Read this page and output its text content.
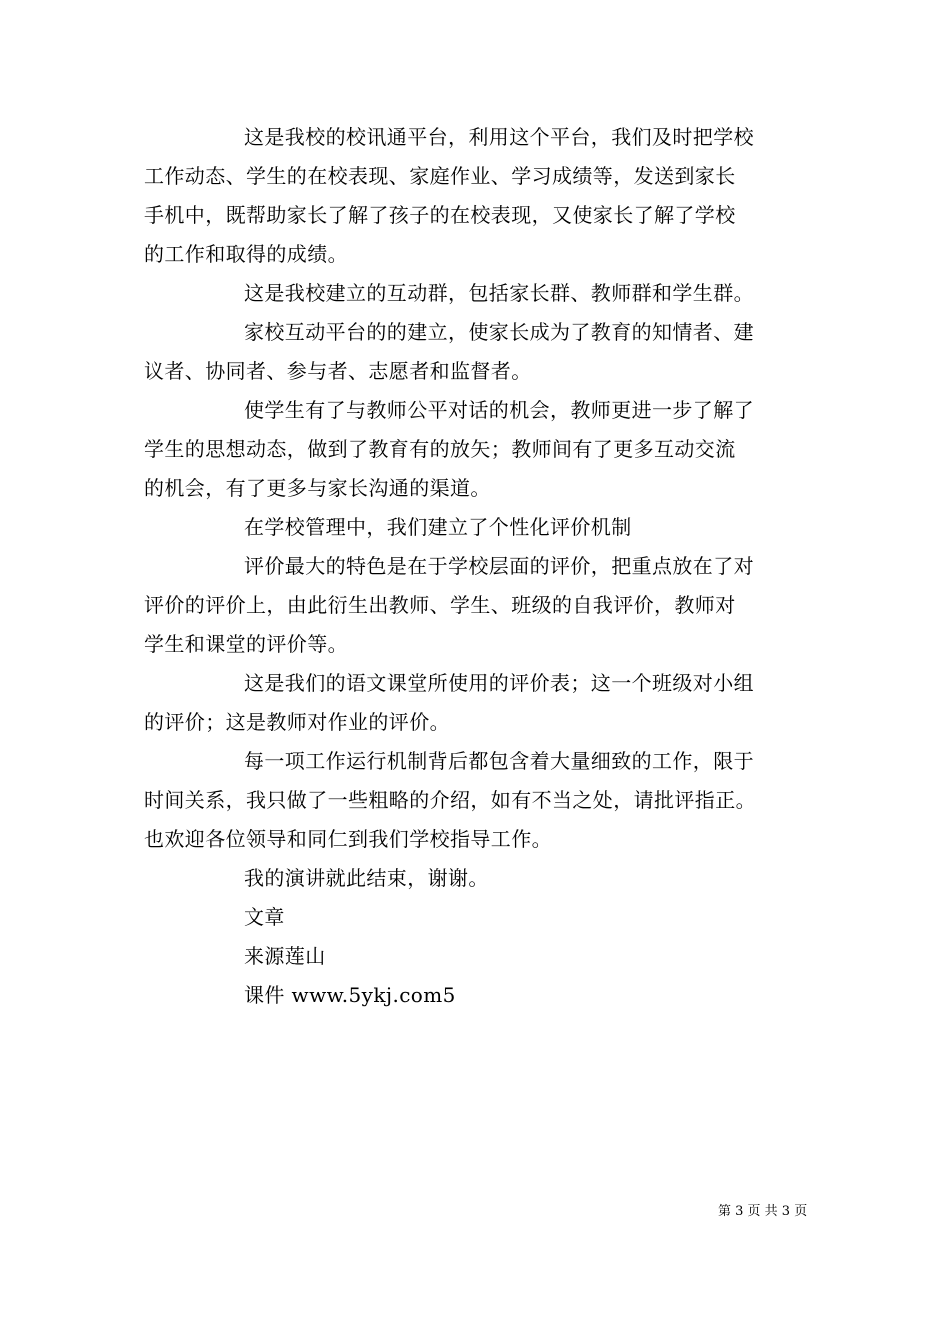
这是我校的校讯通平台，利用这个平台，我们及时把学校
工作动态、学生的在校表现、家庭作业、学习成绩等，发送到家长
手机中，既帮助家长了解了孩子的在校表现，又使家长了解了学校
的工作和取得的成绩。
这是我校建立的互动群，包括家长群、教师群和学生群。
家校互动平台的的建立，使家长成为了教育的知情者、建
议者、协同者、参与者、志愿者和监督者。
使学生有了与教师公平对话的机会，教师更进一步了解了
学生的思想动态，做到了教育有的放矢；教师间有了更多互动交流
的机会，有了更多与家长沟通的渠道。
在学校管理中，我们建立了个性化评价机制
评价最大的特色是在于学校层面的评价，把重点放在了对
评价的评价上，由此衍生出教师、学生、班级的自我评价，教师对
学生和课堂的评价等。
这是我们的语文课堂所使用的评价表；这一个班级对小组
的评价；这是教师对作业的评价。
每一项工作运行机制背后都包含着大量细致的工作，限于
时间关系，我只做了一些粗略的介绍，如有不当之处，请批评指正。
也欢迎各位领导和同仁到我们学校指导工作。
我的演讲就此结束，谢谢。
文章
来源莲山
课件 www.5ykj.com5
第 3 页 共 3 页
